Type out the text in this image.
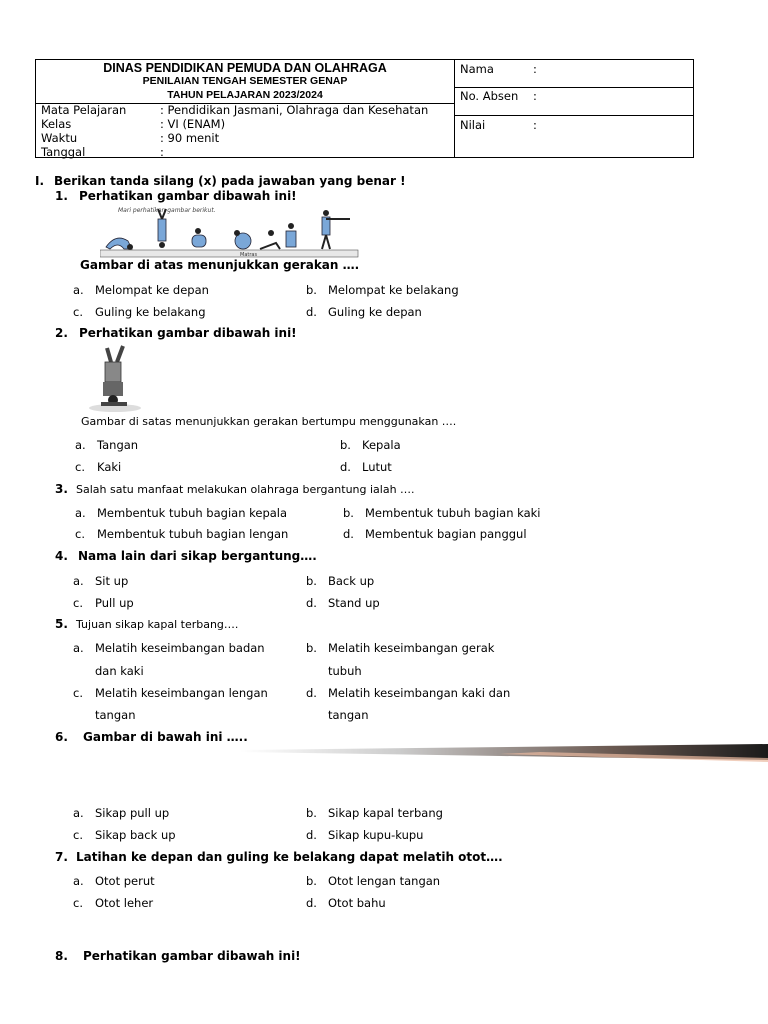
DINAS PENDIDIKAN PEMUDA DAN OLAHRAGA
PENILAIAN TENGAH SEMESTER GENAP
TAHUN PELAJARAN 2023/2024
Mata Pelajaran	: Pendidikan Jasmani, Olahraga dan Kesehatan
Kelas	: VI (ENAM)
Waktu	: 90 menit
Tanggal	:
Nama	:
No. Absen :
Nilai	:
I. Berikan tanda silang (x) pada jawaban yang benar !
1. Perhatikan gambar dibawah ini!
Mari perhatikan gambar berikut.
Matras
Gambar di atas menunjukkan gerakan ….
a. Melompat ke depan	b. Melompat ke belakang
c. Guling ke belakang	d. Guling ke depan
2. Perhatikan gambar dibawah ini!
Gambar di satas menunjukkan gerakan bertumpu menggunakan ….
a. Tangan	b. Kepala
c. Kaki	d. Lutut
3. Salah satu manfaat melakukan olahraga bergantung ialah ….
a. Membentuk tubuh bagian kepala	b. Membentuk tubuh bagian kaki
c. Membentuk tubuh bagian lengan	d. Membentuk bagian panggul
4. Nama lain dari sikap bergantung….
a. Sit up	b. Back up
c. Pull up	d. Stand up
5. Tujuan sikap kapal terbang….
a. Melatih keseimbangan badan
dan kaki
b. Melatih keseimbangan gerak
tubuh
c. Melatih keseimbangan lengan
tangan
d. Melatih keseimbangan kaki dan
tangan
6. Gambar di bawah ini …..
a. Sikap pull up	b. Sikap kapal terbang
c. Sikap back up	d. Sikap kupu-kupu
7. Latihan ke depan dan guling ke belakang dapat melatih otot….
a. Otot perut	b. Otot lengan tangan
c. Otot leher	d. Otot bahu
8. Perhatikan gambar dibawah ini!
